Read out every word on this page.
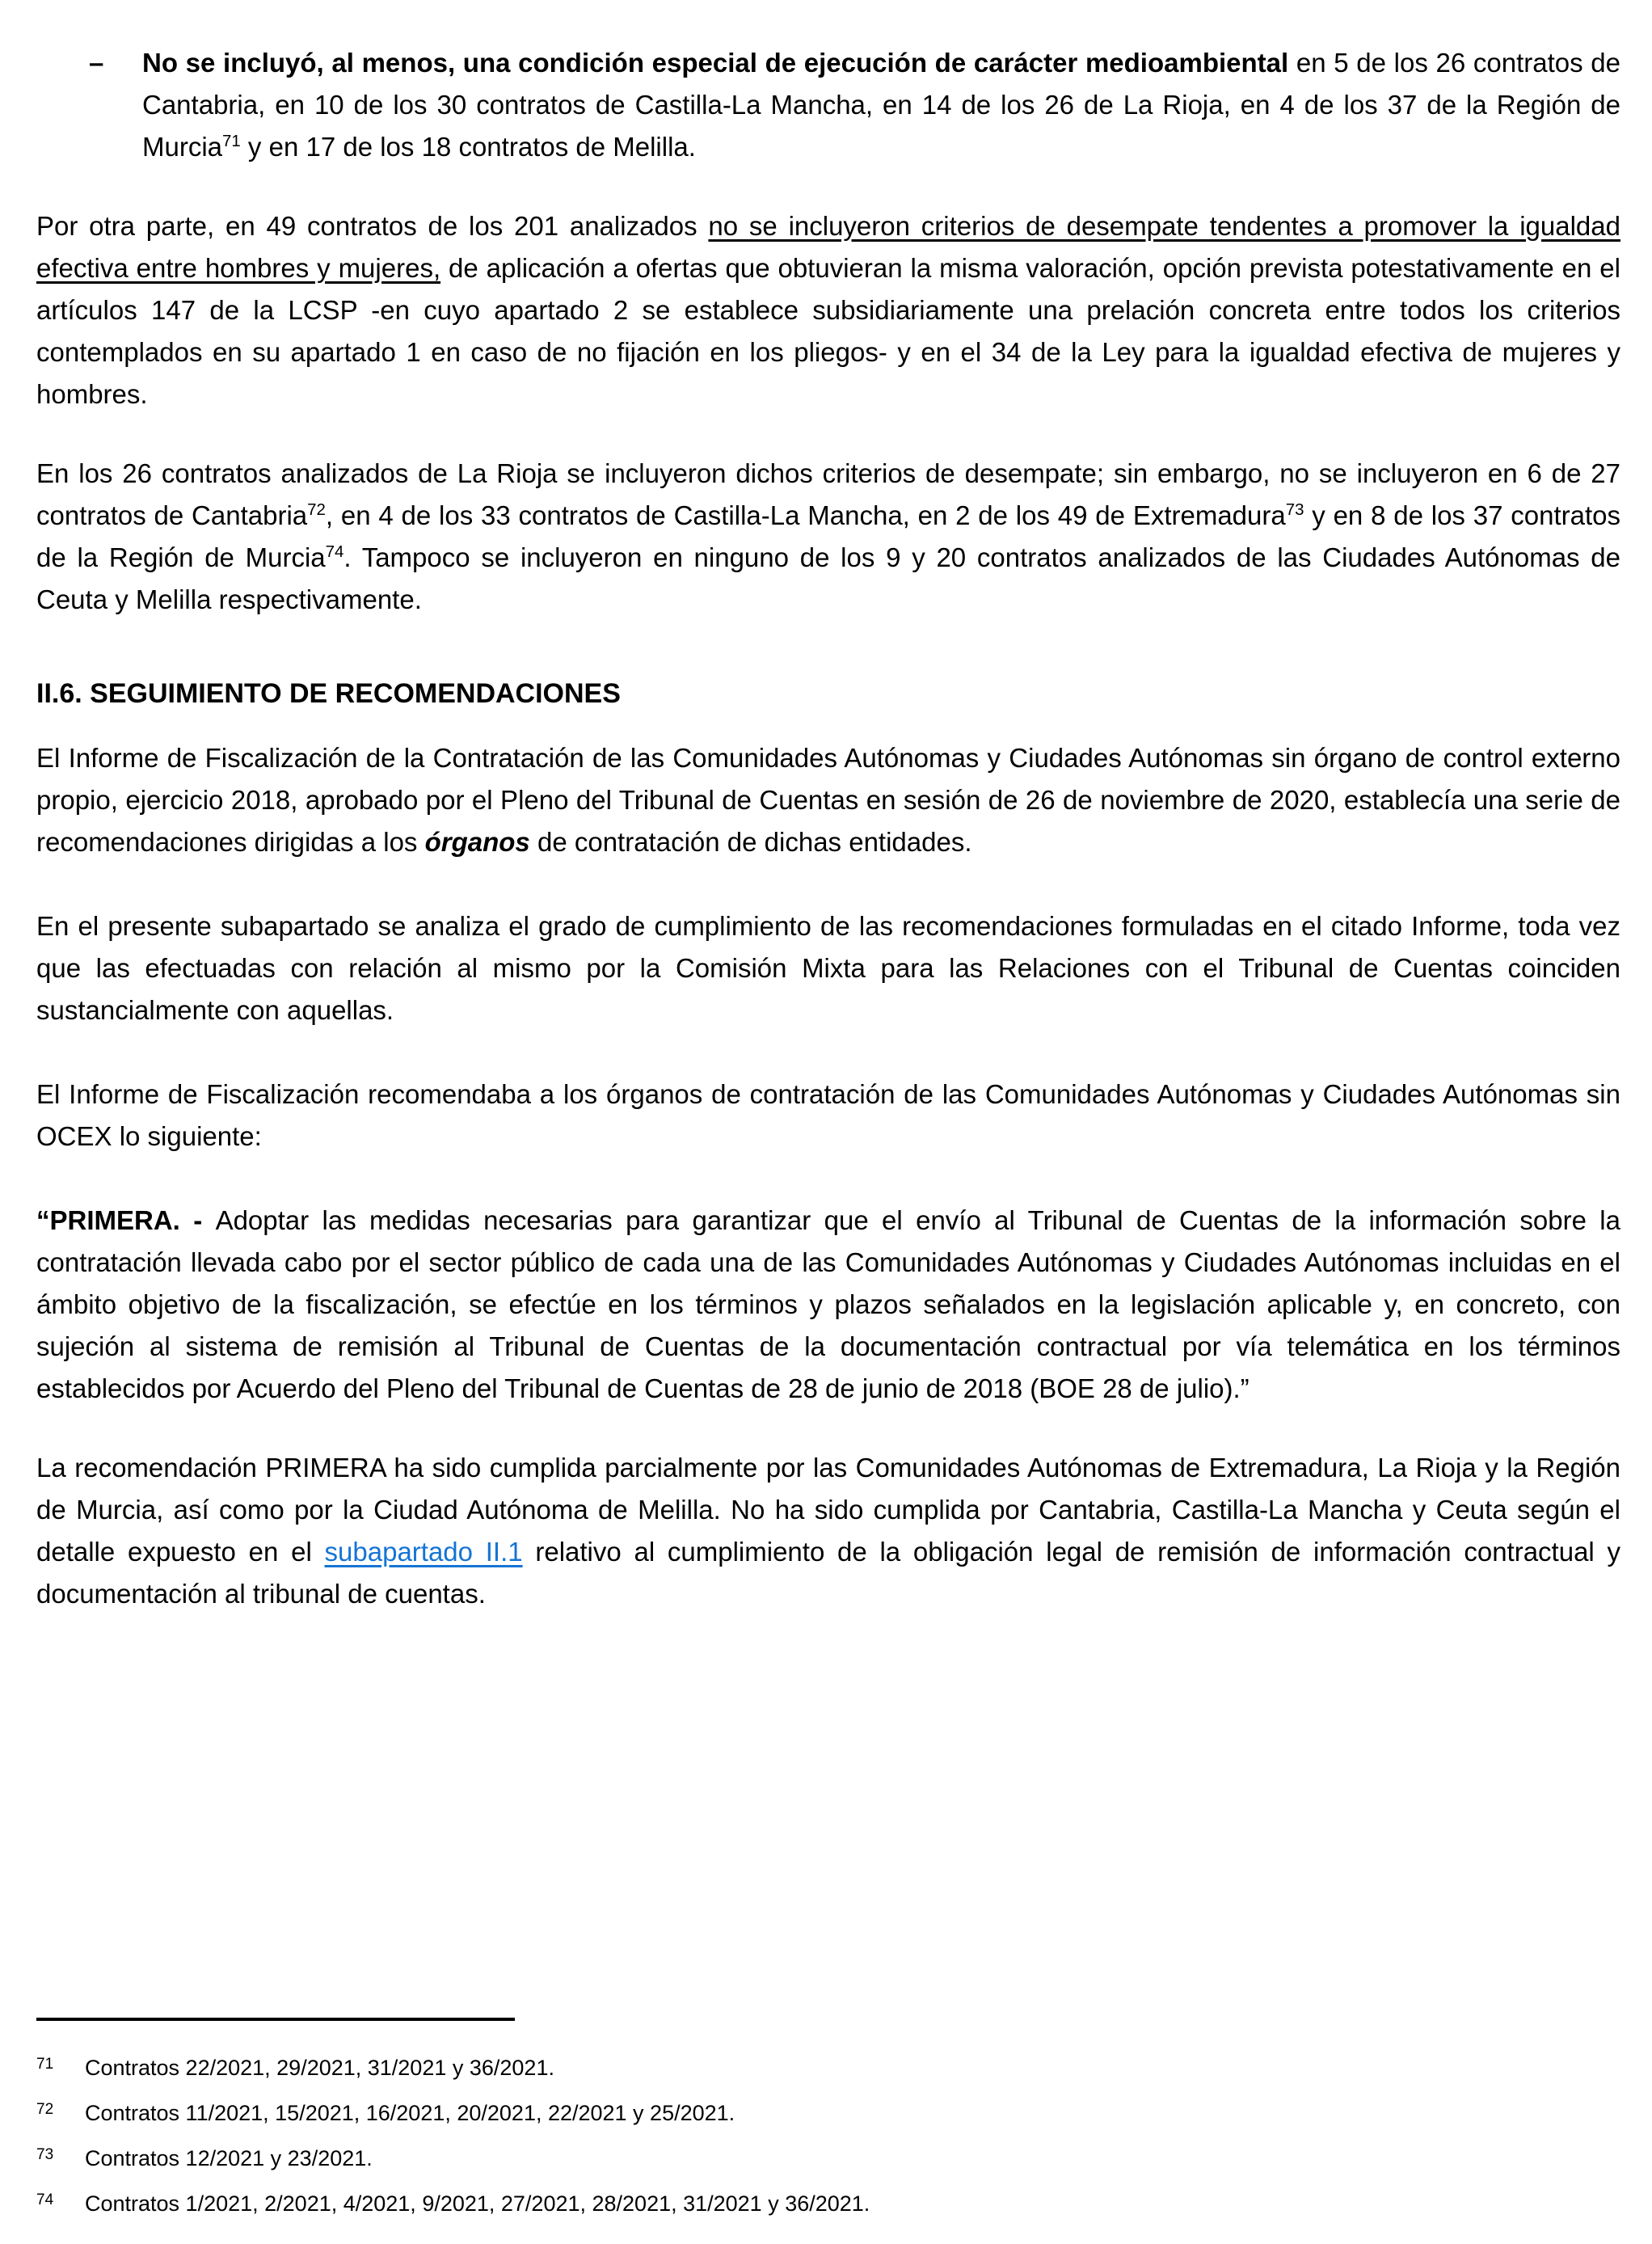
– No se incluyó, al menos, una condición especial de ejecución de carácter medioambiental en 5 de los 26 contratos de Cantabria, en 10 de los 30 contratos de Castilla-La Mancha, en 14 de los 26 de La Rioja, en 4 de los 37 de la Región de Murcia$^{71}$ y en 17 de los 18 contratos de Melilla.

Por otra parte, en 49 contratos de los 201 analizados no se incluyeron criterios de desempate tendentes a promover la igualdad efectiva entre hombres y mujeres, de aplicación a ofertas que obtuvieran la misma valoración, opción prevista potestativamente en el artículos 147 de la LCSP -en cuyo apartado 2 se establece subsidiariamente una prelación concreta entre todos los criterios contemplados en su apartado 1 en caso de no fijación en los pliegos- y en el 34 de la Ley para la igualdad efectiva de mujeres y hombres.

En los 26 contratos analizados de La Rioja se incluyeron dichos criterios de desempate; sin embargo, no se incluyeron en 6 de 27 contratos de Cantabria$^{72}$, en 4 de los 33 contratos de Castilla-La Mancha, en 2 de los 49 de Extremadura$^{73}$ y en 8 de los 37 contratos de la Región de Murcia$^{74}$. Tampoco se incluyeron en ninguno de los 9 y 20 contratos analizados de las Ciudades Autónomas de Ceuta y Melilla respectivamente.

II.6. SEGUIMIENTO DE RECOMENDACIONES

El Informe de Fiscalización de la Contratación de las Comunidades Autónomas y Ciudades Autónomas sin órgano de control externo propio, ejercicio 2018, aprobado por el Pleno del Tribunal de Cuentas en sesión de 26 de noviembre de 2020, establecía una serie de recomendaciones dirigidas a los órganos de contratación de dichas entidades.

En el presente subapartado se analiza el grado de cumplimiento de las recomendaciones formuladas en el citado Informe, toda vez que las efectuadas con relación al mismo por la Comisión Mixta para las Relaciones con el Tribunal de Cuentas coinciden sustancialmente con aquellas.

El Informe de Fiscalización recomendaba a los órganos de contratación de las Comunidades Autónomas y Ciudades Autónomas sin OCEX lo siguiente:

“PRIMERA. - Adoptar las medidas necesarias para garantizar que el envío al Tribunal de Cuentas de la información sobre la contratación llevada cabo por el sector público de cada una de las Comunidades Autónomas y Ciudades Autónomas incluidas en el ámbito objetivo de la fiscalización, se efectúe en los términos y plazos señalados en la legislación aplicable y, en concreto, con sujeción al sistema de remisión al Tribunal de Cuentas de la documentación contractual por vía telemática en los términos establecidos por Acuerdo del Pleno del Tribunal de Cuentas de 28 de junio de 2018 (BOE 28 de julio).”

La recomendación PRIMERA ha sido cumplida parcialmente por las Comunidades Autónomas de Extremadura, La Rioja y la Región de Murcia, así como por la Ciudad Autónoma de Melilla. No ha sido cumplida por Cantabria, Castilla-La Mancha y Ceuta según el detalle expuesto en el subapartado II.1 relativo al cumplimiento de la obligación legal de remisión de información contractual y documentación al tribunal de cuentas.

71 Contratos 22/2021, 29/2021, 31/2021 y 36/2021.
72 Contratos 11/2021, 15/2021, 16/2021, 20/2021, 22/2021 y 25/2021.
73 Contratos 12/2021 y 23/2021.
74 Contratos 1/2021, 2/2021, 4/2021, 9/2021, 27/2021, 28/2021, 31/2021 y 36/2021.
